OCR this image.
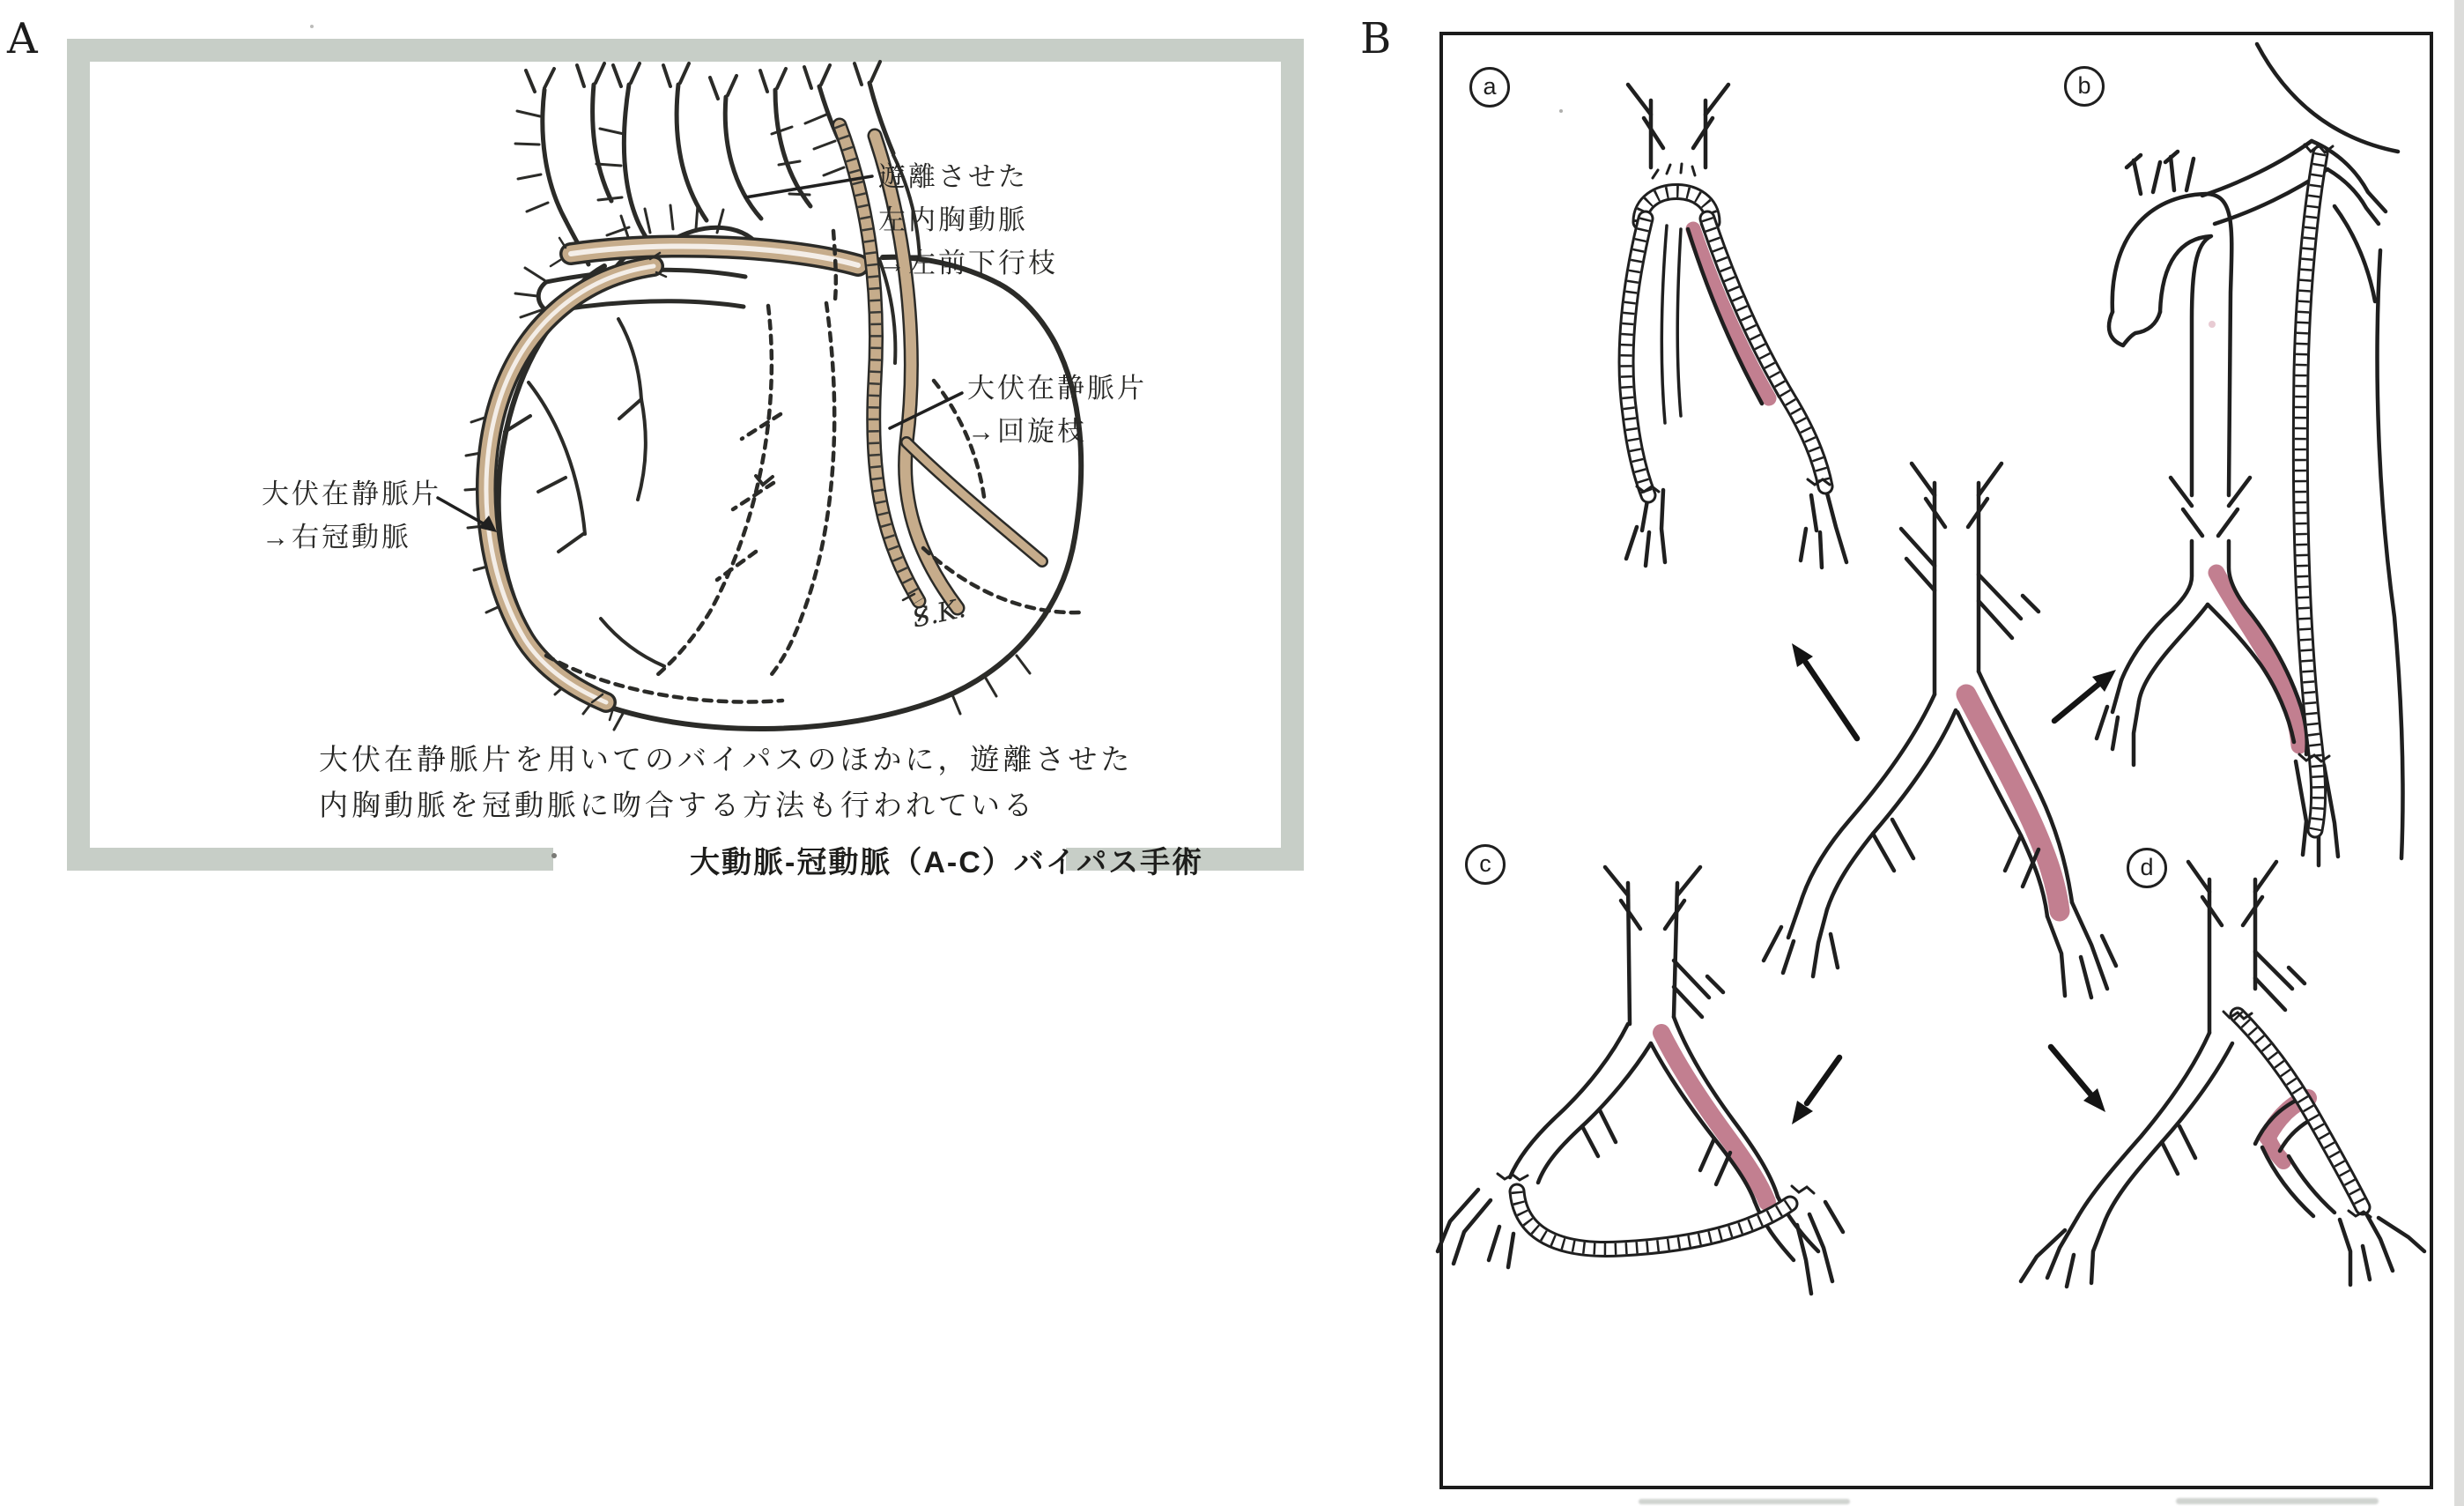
A
S.K.
遊離させた
左内胸動脈
→左前下行枝
大伏在静脈片
→回旋枝
大伏在静脈片
→右冠動脈
大伏在静脈片を用いてのバイパスのほかに，遊離させた
内胸動脈を冠動脈に吻合する方法も行われている
大動脈-冠動脈（A-C）バイパス手術
B
a	b
c	d
